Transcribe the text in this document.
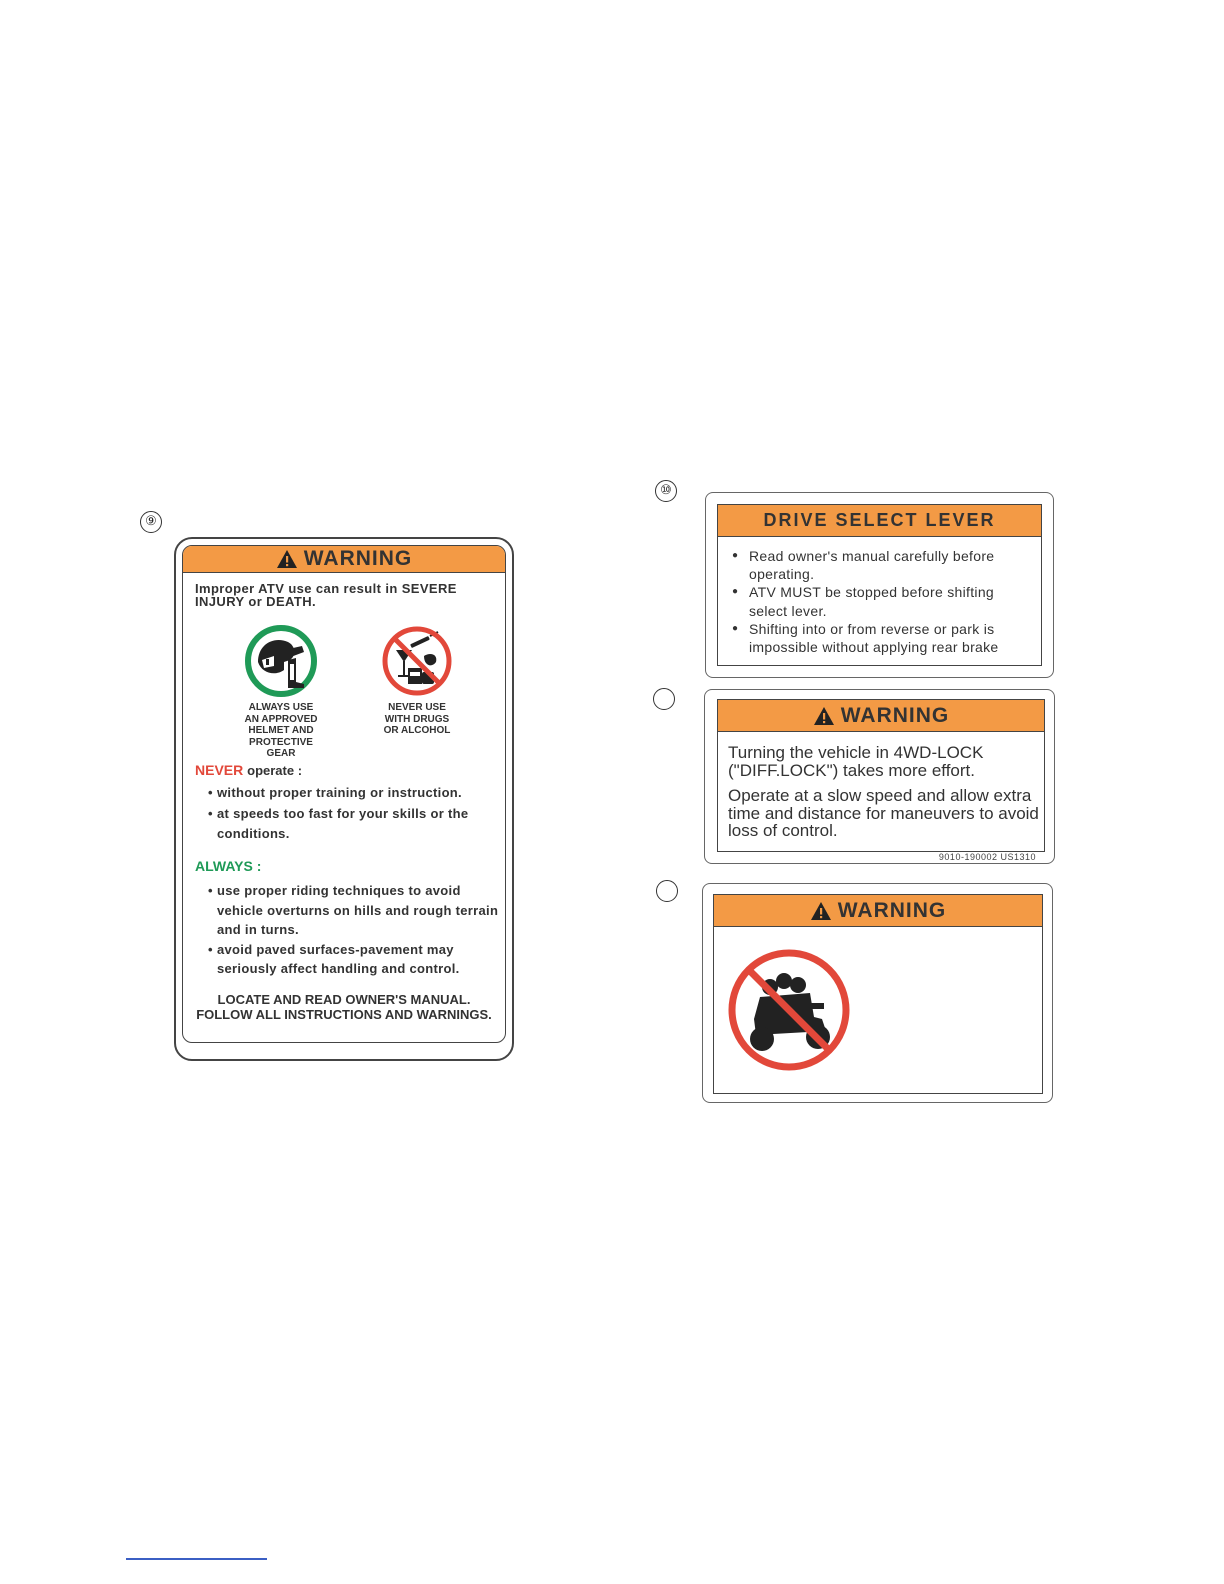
⑨
⑩
WARNING
Improper ATV use can result in SEVERE INJURY or DEATH.
ALWAYS USE
AN APPROVED
HELMET AND
PROTECTIVE
GEAR
NEVER USE
WITH DRUGS
OR ALCOHOL
NEVER operate :
• without proper training or instruction.
• at speeds too fast for your skills or the conditions.
ALWAYS :
• use proper riding techniques to avoid vehicle overturns on hills and rough terrain and in turns.
• avoid paved surfaces-pavement may seriously affect handling and control.
LOCATE AND READ OWNER'S MANUAL.
FOLLOW ALL INSTRUCTIONS AND WARNINGS.
DRIVE SELECT LEVER
● Read owner's manual carefully before operating.
● ATV MUST be stopped before shifting select lever.
● Shifting into or from reverse or park is impossible without applying rear brake
WARNING

Turning the vehicle in 4WD-LOCK ("DIFF.LOCK") takes more effort.

Operate at a slow speed and allow extra time and distance for maneuvers to avoid loss of control.

9010-190002 US1310
WARNING
